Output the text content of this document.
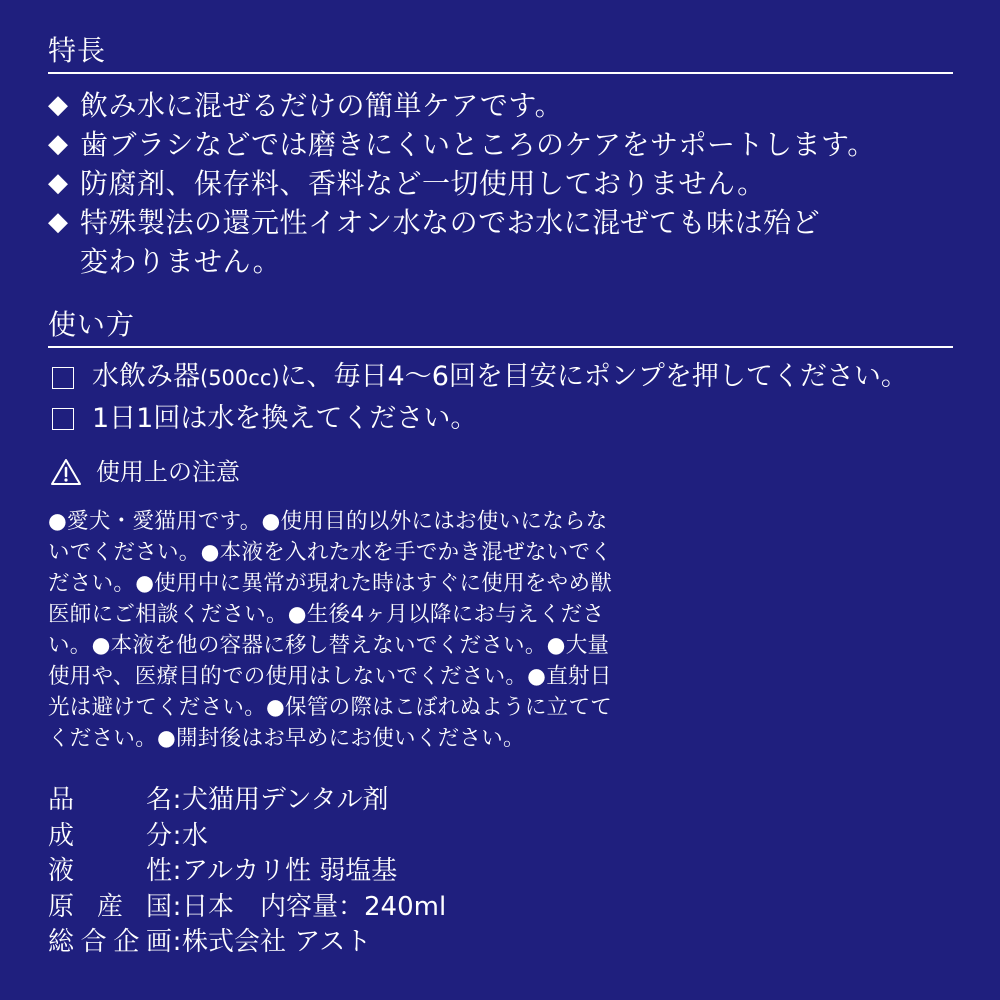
特長
◆ 飲み水に混ぜるだけの簡単ケアです。
◆ 歯ブラシなどでは磨きにくいところのケアをサポートします。
◆ 防腐剤、保存料、香料など一切使用しておりません。
◆ 特殊製法の還元性イオン水なのでお水に混ぜても味は殆ど
変わりません。
使い方
水飲み器(500cc)に、毎日4〜6回を目安にポンプを押してください。
1日1回は水を換えてください。
使用上の注意
●愛犬・愛猫用です。●使用目的以外にはお使いにならな
いでください。●本液を入れた水を手でかき混ぜないでく
ださい。●使用中に異常が現れた時はすぐに使用をやめ獣
医師にご相談ください。●生後4ヶ月以降にお与えくださ
い。●本液を他の容器に移し替えないでください。●大量
使用や、医療目的での使用はしないでください。●直射日
光は避けてください。●保管の際はこぼれぬように立てて
ください。●開封後はお早めにお使いください。
品	名 : 犬猫用デンタル剤
成	分 : 水
液	性 : アルカリ性 弱塩基
原 産 国 : 日本　内容量：240ml
総 合 企 画 : 株式会社 アスト
